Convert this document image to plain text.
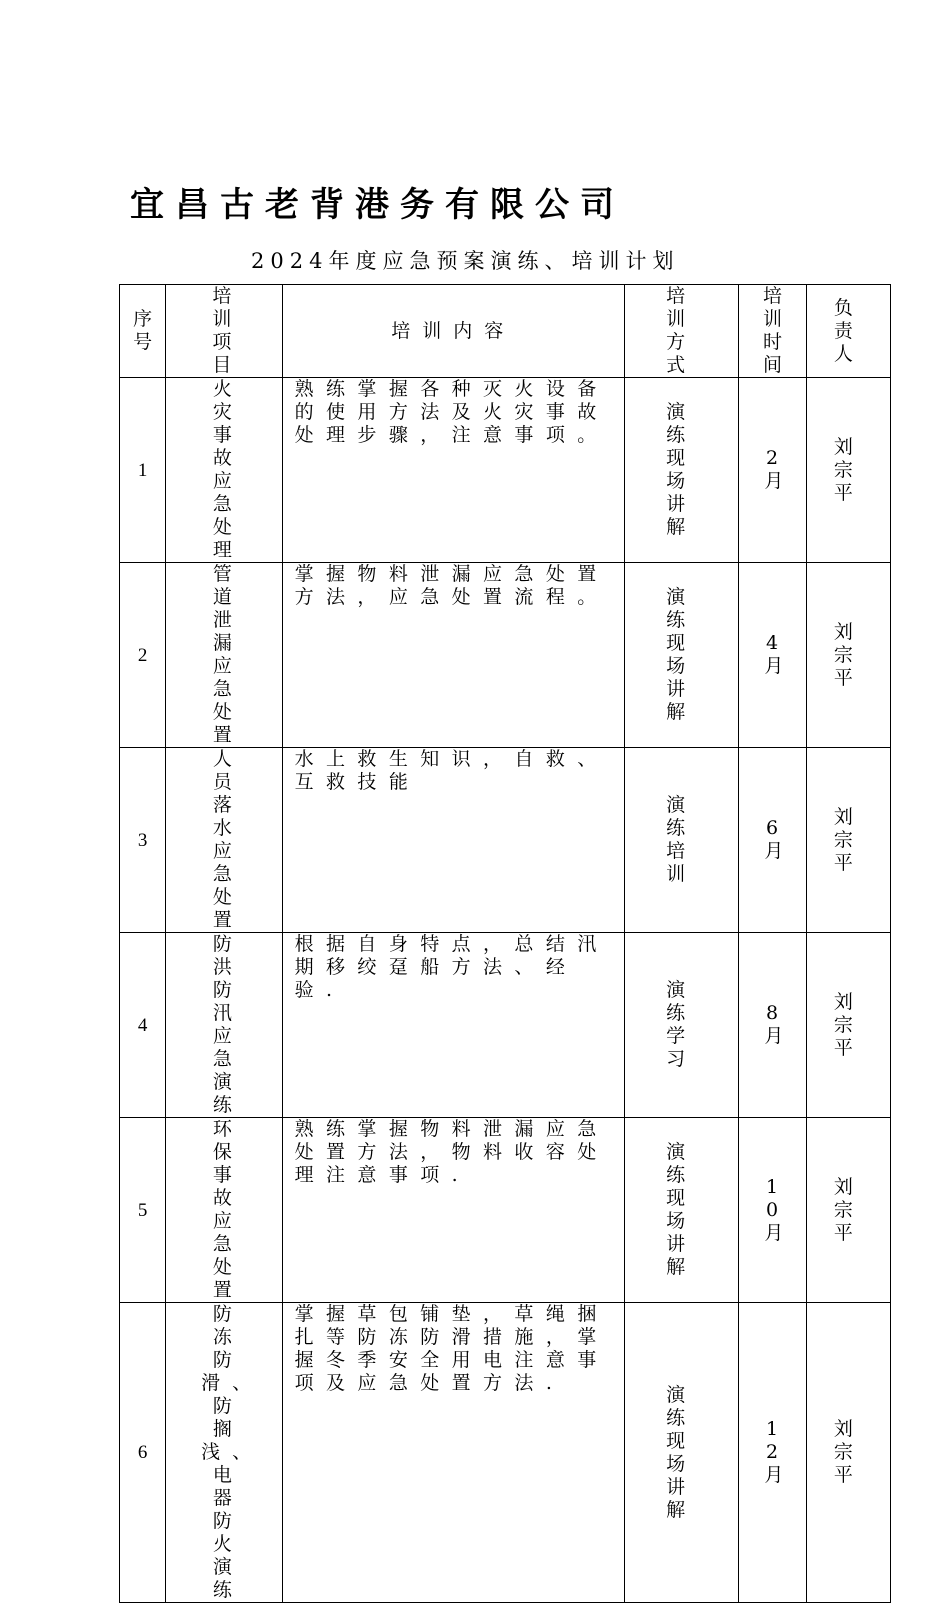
宜昌古老背港务有限公司
2024年度应急预案演练、培训计划
序号	培训项目	培训内容	培训方式	培训时间	负责人
1	火灾事故应急处理	熟练掌握各种灭火设备的使用方法及火灾事故处理步骤，注意事项。	演练现场讲解	2月	刘宗平
2	管道泄漏应急处置	掌握物料泄漏应急处置方法，应急处置流程。	演练现场讲解	4月	刘宗平
3	人员落水应急处置	水上救生知识，自救、互救技能	演练培训	6月	刘宗平
4	防洪防汛应急演练	根据自身特点，总结汛期移绞趸船方法、经验.	演练学习	8月	刘宗平
5	环保事故应急处置	熟练掌握物料泄漏应急处置方法，物料收容处理注意事项.	演练现场讲解	10月	刘宗平
6	防冻防滑、防搁浅、电器防火演练	掌握草包铺垫，草绳捆扎等防冻防滑措施，掌握冬季安全用电注意事项及应急处置方法.	演练现场讲解	12月	刘宗平
